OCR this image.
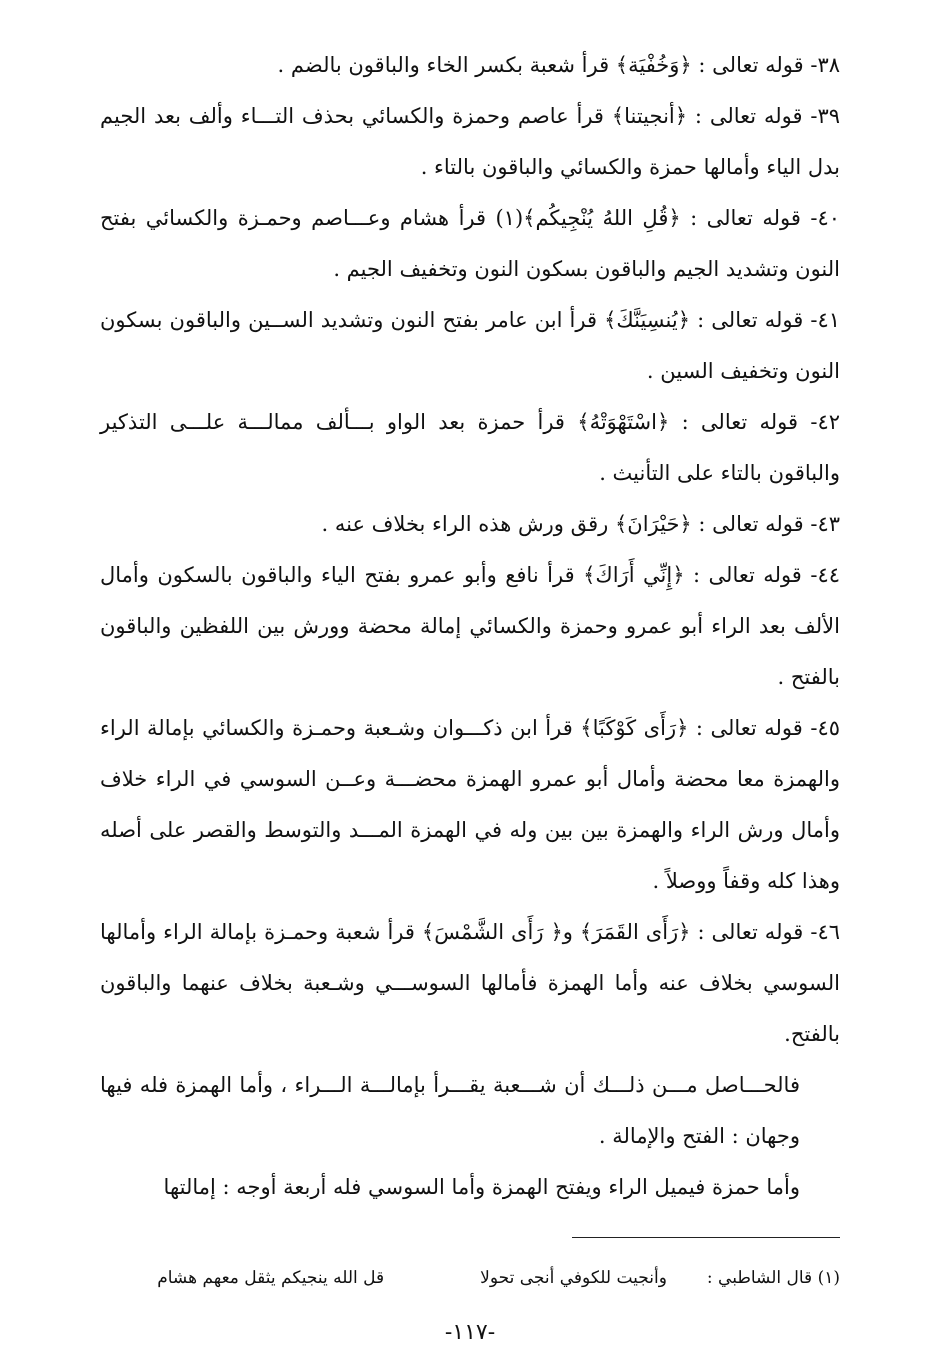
٣٨- قوله تعالى : ﴿وَخُفْيَة﴾ قرأ شعبة بكسر الخاء والباقون بالضم .

٣٩- قوله تعالى : ﴿أنجيتنا﴾ قرأ عاصم وحمزة والكسائي بحذف التـــاء وألف بعد الجيم بدل الياء وأمالها حمزة والكسائي والباقون بالتاء .

٤٠- قوله تعالى : ﴿قُلِ اللهُ يُنْجِيكُم﴾(١) قرأ هشام وعـــاصم وحمـزة والكسائي بفتح النون وتشديد الجيم والباقون بسكون النون وتخفيف الجيم .

٤١- قوله تعالى : ﴿يُنسِيَنَّكَ﴾ قرأ ابن عامر بفتح النون وتشديد الســين والباقون بسكون النون وتخفيف السين .

٤٢- قوله تعالى : ﴿اسْتَهْوَتْهُ﴾ قرأ حمزة بعد الواو بـــألف ممالـــة علـــى التذكير والباقون بالتاء على التأنيث .

٤٣- قوله تعالى : ﴿حَيْرَانَ﴾ رقق ورش هذه الراء بخلاف عنه .

٤٤- قوله تعالى : ﴿إِنِّي أَرَاكَ﴾ قرأ نافع وأبو عمرو بفتح الياء والباقون بالسكون وأمال الألف بعد الراء أبو عمرو وحمزة والكسائي إمالة محضة وورش بين اللفظين والباقون بالفتح .

٤٥- قوله تعالى : ﴿رَأَى كَوْكَبًا﴾ قرأ ابن ذكـــوان وشـعبة وحمـزة والكسائي بإمالة الراء والهمزة معا محضة وأمال أبو عمرو الهمزة محضـــة وعــن السوسي في الراء خلاف وأمال ورش الراء والهمزة بين بين وله في الهمزة المـــد والتوسط والقصر على أصله وهذا كله وقفاً ووصلاً .

٤٦- قوله تعالى : ﴿رَأَى القَمَرَ﴾ و﴿ رَأَى الشَّمْسَ﴾ قرأ شعبة وحمـزة بإمالة الراء وأمالها السوسي بخلاف عنه وأما الهمزة فأمالها السوســـي وشـعبة بخلاف عنهما والباقون بالفتح.

فالحـــاصل مـــن ذلـــك أن شـــعبة يقـــرأ بإمالـــة الـــراء ، وأما الهمزة فله فيها وجهان : الفتح والإمالة .

وأما حمزة فيميل الراء ويفتح الهمزة وأما السوسي فله أربعة أوجه : إمالتها

(١) قال الشاطبي :
وأنجيت للكوفي أنجى تحولا
قل الله ينجيكم يثقل معهم هشام
-١١٧-
